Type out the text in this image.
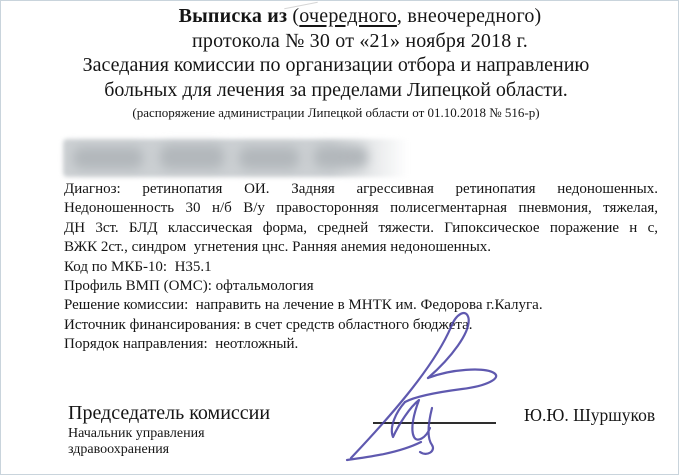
Выписка из (очередного, внеочередного)
протокола № 30 от «21» ноября 2018 г.
Заседания комиссии по организации отбора и направлению
больных для лечения за пределами Липецкой области.
(распоряжение администрации Липецкой области от 01.10.2018 № 516-р)
Диагноз: ретинопатия ОИ. Задняя агрессивная ретинопатия недоношенных.
Недоношенность 30 н/б В/у правосторонняя полисегментарная пневмония, тяжелая,
ДН 3ст. БЛД классическая форма, средней тяжести. Гипоксическое поражение н с,
ВЖК 2ст., синдром  угнетения цнс. Ранняя анемия недоношенных.
Код по МКБ-10:  Н35.1
Профиль ВМП (ОМС): офтальмология
Решение комиссии:  направить на лечение в МНТК им. Федорова г.Калуга.
Источник финансирования: в счет средств областного бюджета.
Порядок направления:  неотложный.
Председатель комиссии
Начальник управления
здравоохранения
Ю.Ю. Шуршуков
